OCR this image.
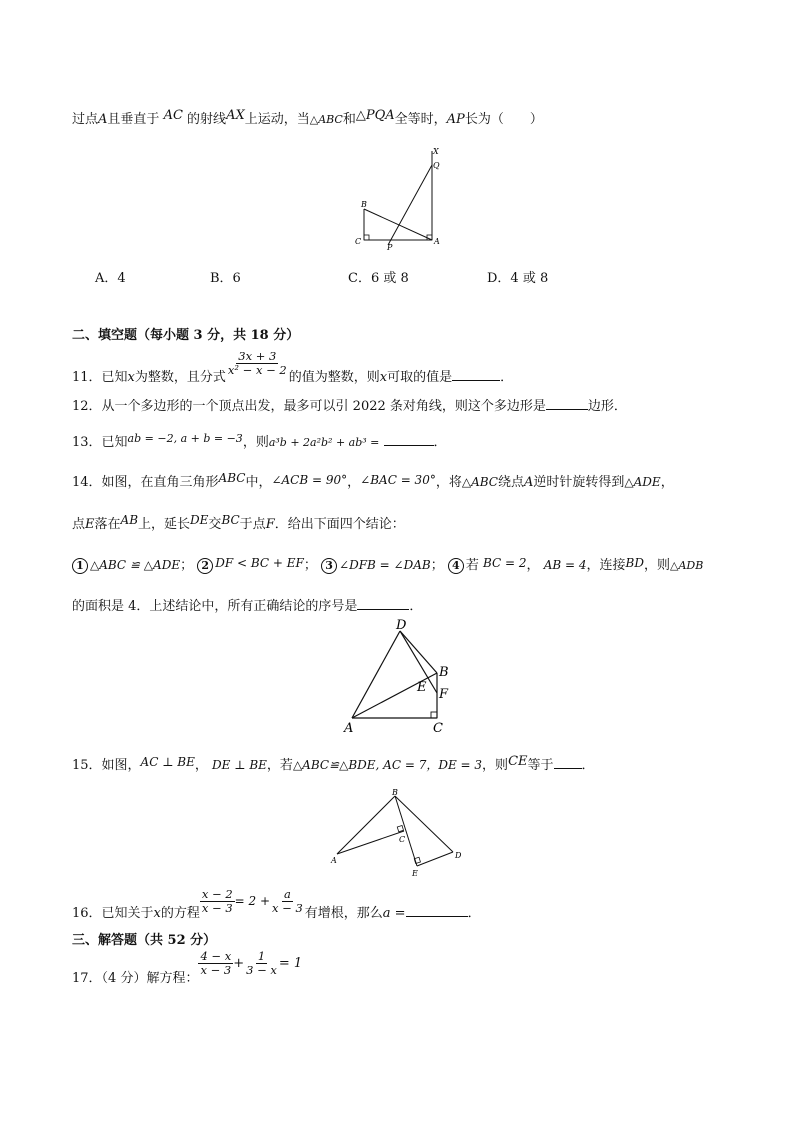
过点A且垂直于 AC 的射线AX上运动，当△ABC和△PQA全等时，AP长为（　　）
X
Q
B
C
P
A
A．4	B．6	C．6 或 8	D．4 或 8
二、填空题（每小题 3 分，共 18 分）
11．已知x为整数，且分式
$\frac{3x + 3}{\text{x² − x − 2}}$
的值为整数，则x可取的值是	．
12．从一个多边形的一个顶点出发，最多可以引 2022 条对角线，则这个多边形是	边形．
13．已知$^{ab = -2, a + b = -3}$，则a³b + 2a²b² + ab³ =	．
14．如图，在直角三角形ABC中，∠ACB = 90°，∠BAC = 30°，将△ABC绕点A逆时针旋转得到△ADE，
点E落在AB上，延长DE交BC于点F．给出下面四个结论：
1 △ABC ≌ △ADE； 2 DF < BC + EF； 3 ∠DFB = ∠DAB； 4 若 BC = 2， AB = 4，连接BD，则△ADB
的面积是 4．上述结论中，所有正确结论的序号是	．
D
B
E F
A	C
15．如图，AC ⊥ BE， DE ⊥ BE，若△ABC≌△BDE, AC = 7，DE = 3，则CE等于 ．
B
C
A
D
E
16．已知关于x的方程 $\frac{x - 2}{x - 3} = 2 + \frac{a}{x - 3}$ 有增根，那么a =	．
三、解答题（共 52 分）
17．（4 分）解方程：
$\frac{4 - x}{x - 3} + \frac{1}{3 - x} = 1$
